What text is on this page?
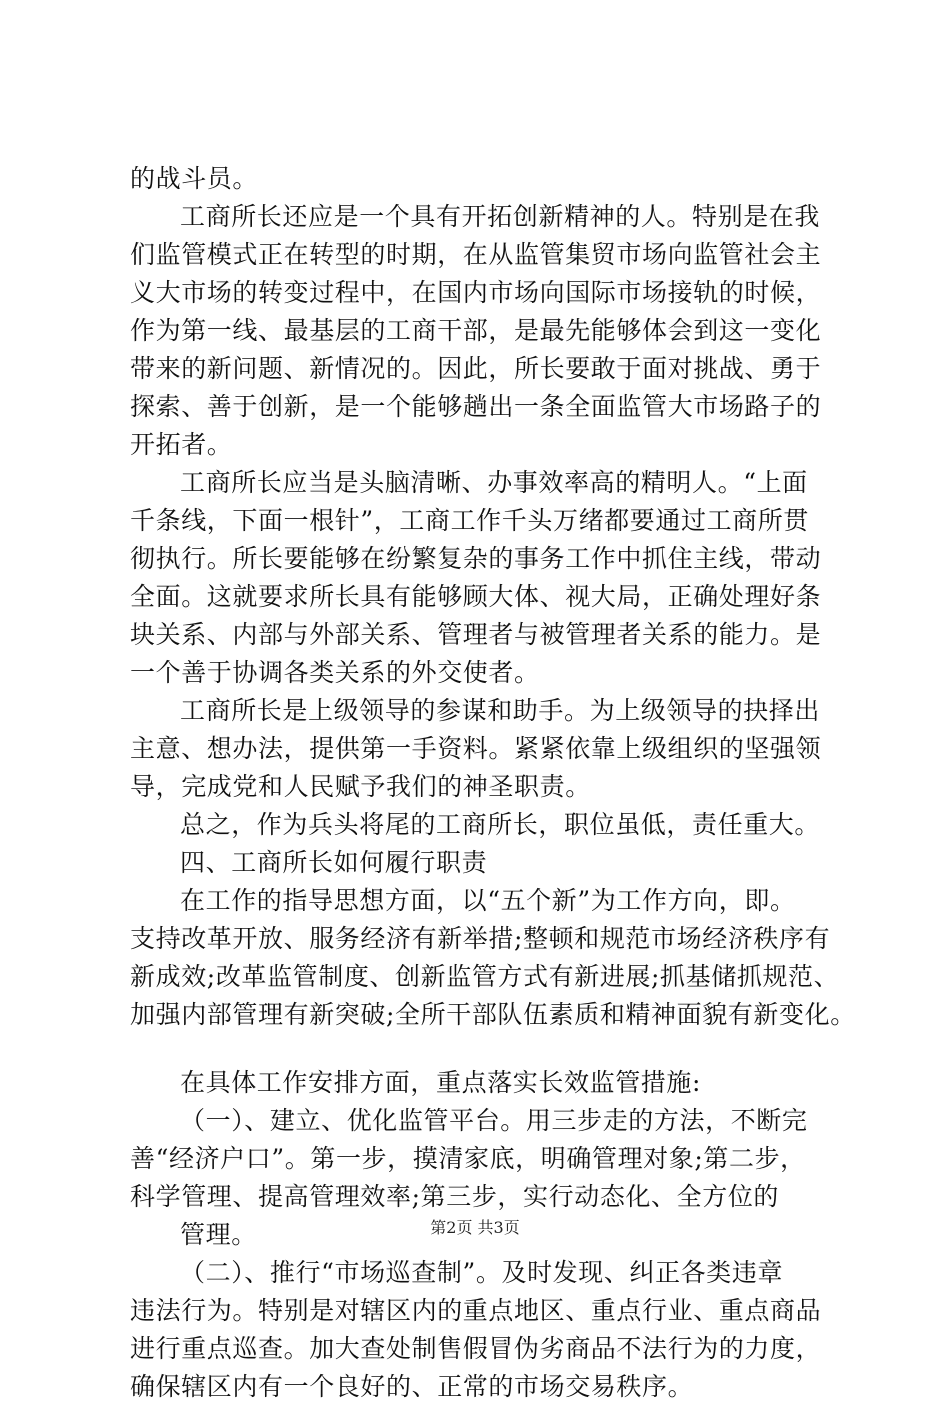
的战斗员。
工商所长还应是一个具有开拓创新精神的人。特别是在我
们监管模式正在转型的时期，在从监管集贸市场向监管社会主
义大市场的转变过程中，在国内市场向国际市场接轨的时候，
作为第一线、最基层的工商干部，是最先能够体会到这一变化
带来的新问题、新情况的。因此，所长要敢于面对挑战、勇于
探索、善于创新，是一个能够趟出一条全面监管大市场路子的
开拓者。
工商所长应当是头脑清晰、办事效率高的精明人。“上面
千条线，下面一根针”，工商工作千头万绪都要通过工商所贯
彻执行。所长要能够在纷繁复杂的事务工作中抓住主线，带动
全面。这就要求所长具有能够顾大体、视大局，正确处理好条
块关系、内部与外部关系、管理者与被管理者关系的能力。是
一个善于协调各类关系的外交使者。
工商所长是上级领导的参谋和助手。为上级领导的抉择出
主意、想办法，提供第一手资料。紧紧依靠上级组织的坚强领
导，完成党和人民赋予我们的神圣职责。
总之，作为兵头将尾的工商所长，职位虽低，责任重大。
四、工商所长如何履行职责
在工作的指导思想方面，以“五个新”为工作方向，即。
支持改革开放、服务经济有新举措;整顿和规范市场经济秩序有
新成效;改革监管制度、创新监管方式有新进展;抓基储抓规范、
加强内部管理有新突破;全所干部队伍素质和精神面貌有新变化。
在具体工作安排方面，重点落实长效监管措施:
（一）、建立、优化监管平台。用三步走的方法，不断完
善“经济户口”。第一步，摸清家底，明确管理对象;第二步，
科学管理、提高管理效率;第三步，实行动态化、全方位的
管理。
（二）、推行“市场巡查制”。及时发现、纠正各类违章
违法行为。特别是对辖区内的重点地区、重点行业、重点商品
进行重点巡查。加大查处制售假冒伪劣商品不法行为的力度，
确保辖区内有一个良好的、正常的市场交易秩序。
第2页 共3页
